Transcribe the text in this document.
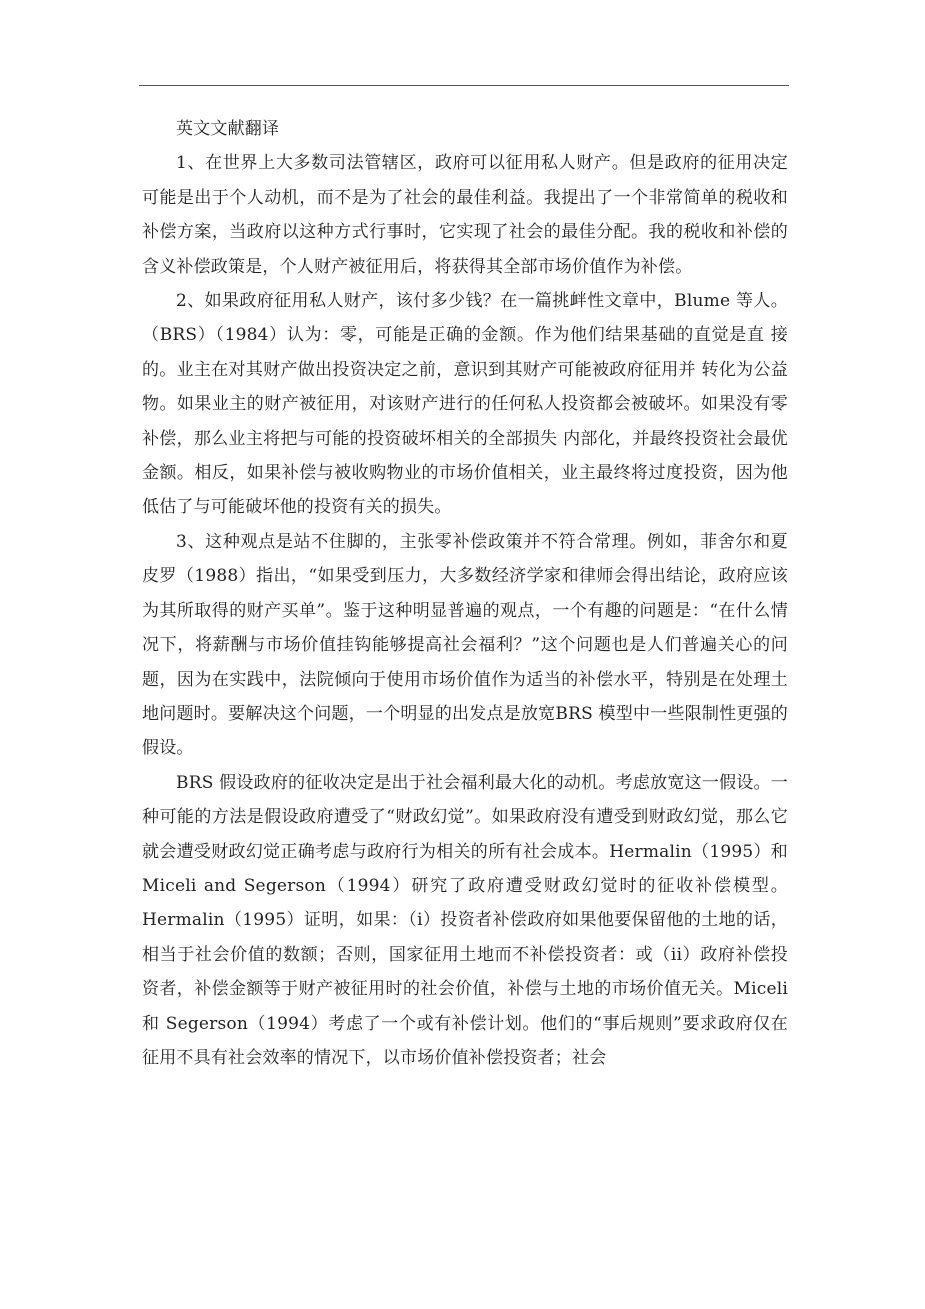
英文文献翻译

1、在世界上大多数司法管辖区，政府可以征用私人财产。但是政府的征用决定可能是出于个人动机，而不是为了社会的最佳利益。我提出了一个非常简单的税收和补偿方案，当政府以这种方式行事时，它实现了社会的最佳分配。我的税收和补偿的含义补偿政策是，个人财产被征用后，将获得其全部市场价值作为补偿。

2、如果政府征用私人财产，该付多少钱？在一篇挑衅性文章中，Blume 等人。（BRS）（1984）认为：零，可能是正确的金额。作为他们结果基础的直觉是直 接的。业主在对其财产做出投资决定之前，意识到其财产可能被政府征用并 转化为公益物。如果业主的财产被征用，对该财产进行的任何私人投资都会被破坏。如果没有零补偿，那么业主将把与可能的投资破坏相关的全部损失 内部化，并最终投资社会最优金额。相反，如果补偿与被收购物业的市场价值相关，业主最终将过度投资，因为他低估了与可能破坏他的投资有关的损失。

3、这种观点是站不住脚的，主张零补偿政策并不符合常理。例如，菲舍尔和夏皮罗（1988）指出，“如果受到压力，大多数经济学家和律师会得出结论，政府应该为其所取得的财产买单”。鉴于这种明显普遍的观点，一个有趣的问题是：“在什么情况下，将薪酬与市场价值挂钩能够提高社会福利？”这个问题也是人们普遍关心的问题，因为在实践中，法院倾向于使用市场价值作为适当的补偿水平，特别是在处理土地问题时。要解决这个问题，一个明显的出发点是放宽BRS 模型中一些限制性更强的假设。

BRS 假设政府的征收决定是出于社会福利最大化的动机。考虑放宽这一假设。一种可能的方法是假设政府遭受了“财政幻觉”。如果政府没有遭受到财政幻觉，那么它就会遭受财政幻觉正确考虑与政府行为相关的所有社会成本。Hermalin（1995）和 Miceli and Segerson（1994）研究了政府遭受财政幻觉时的征收补偿模型。Hermalin（1995）证明，如果：（i）投资者补偿政府如果他要保留他的土地的话，相当于社会价值的数额；否则，国家征用土地而不补偿投资者：或（ii）政府补偿投资者，补偿金额等于财产被征用时的社会价值，补偿与土地的市场价值无关。Miceli 和 Segerson（1994）考虑了一个或有补偿计划。他们的“事后规则”要求政府仅在征用不具有社会效率的情况下，以市场价值补偿投资者；社会
